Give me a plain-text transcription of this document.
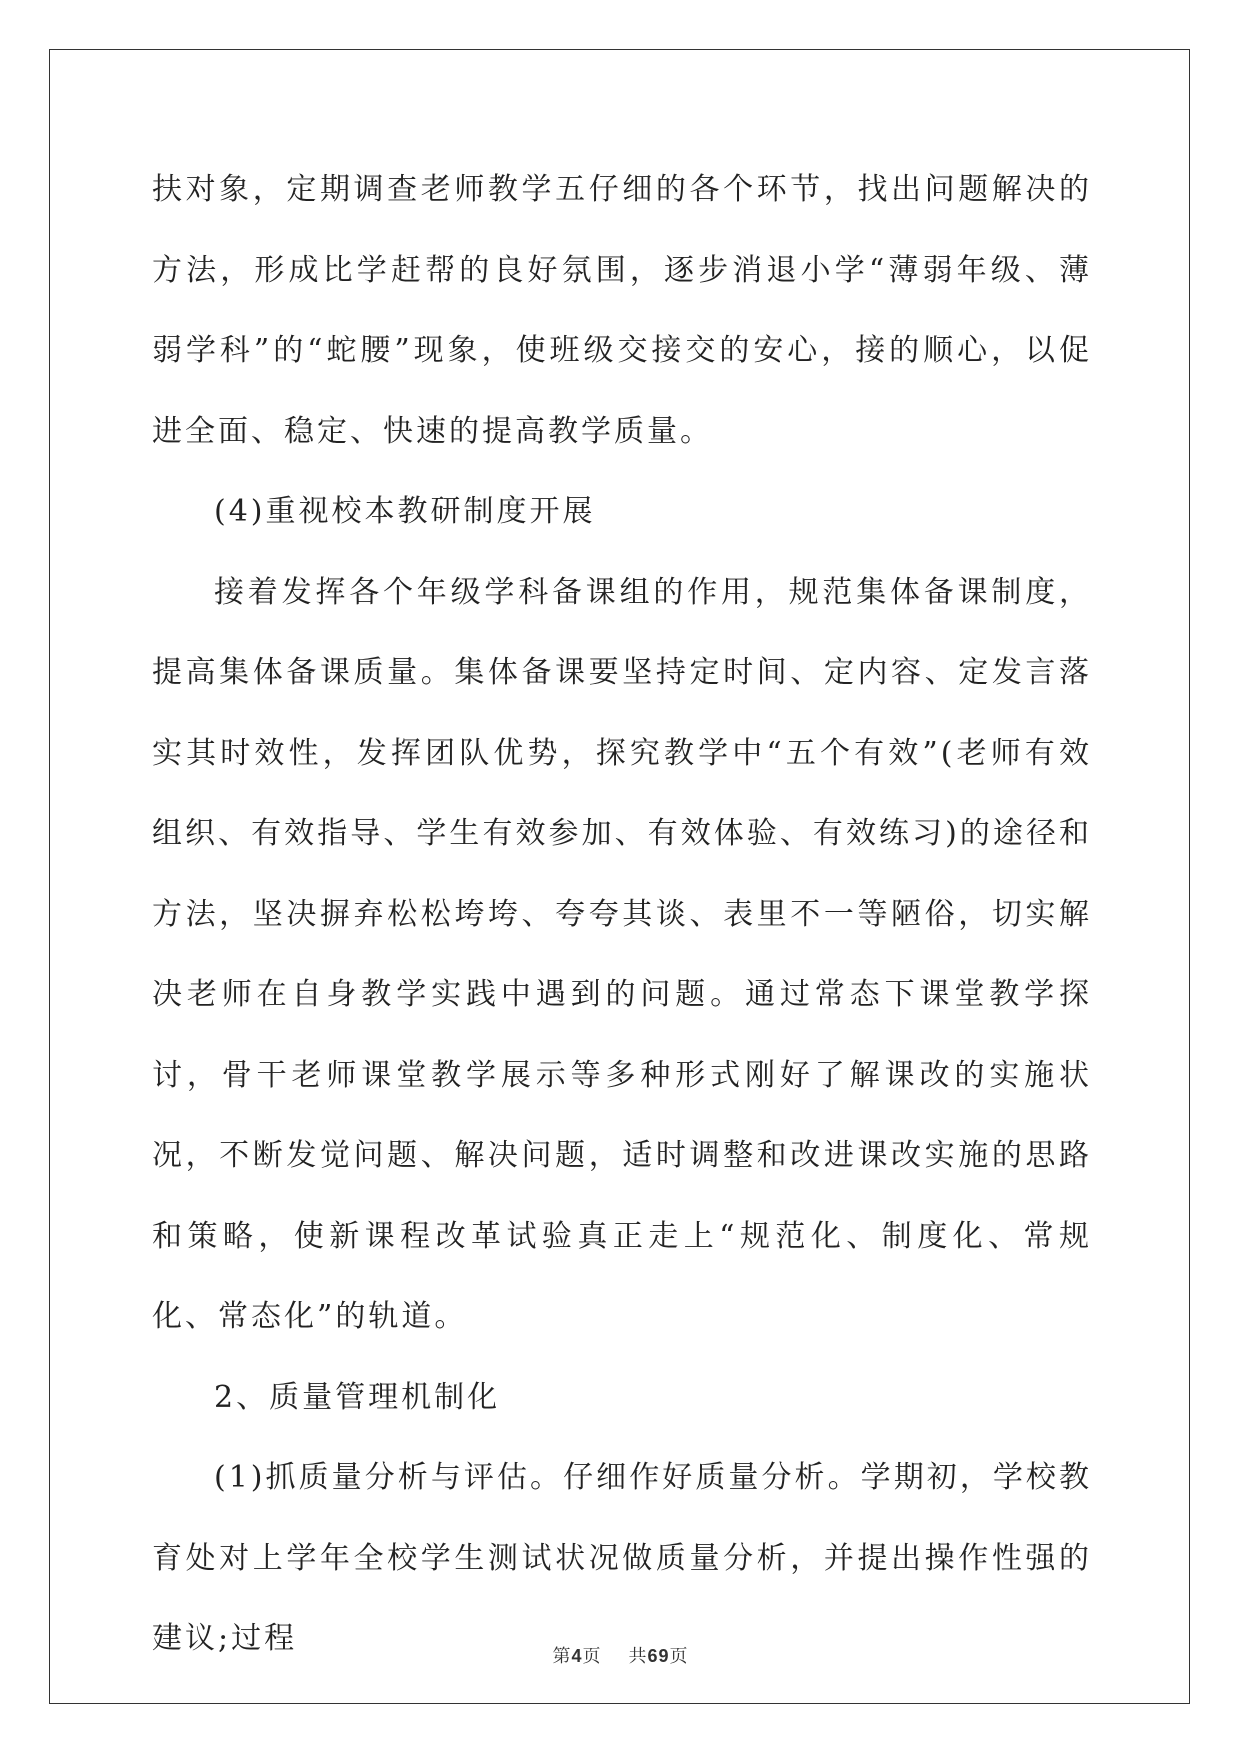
扶对象，定期调查老师教学五仔细的各个环节，找出问题解决的方法，形成比学赶帮的良好氛围，逐步消退小学“薄弱年级、薄弱学科”的“蛇腰”现象，使班级交接交的安心，接的顺心，以促进全面、稳定、快速的提高教学质量。

(4)重视校本教研制度开展

接着发挥各个年级学科备课组的作用，规范集体备课制度，提高集体备课质量。集体备课要坚持定时间、定内容、定发言落实其时效性，发挥团队优势，探究教学中“五个有效”(老师有效组织、有效指导、学生有效参加、有效体验、有效练习)的途径和方法，坚决摒弃松松垮垮、夸夸其谈、表里不一等陋俗，切实解决老师在自身教学实践中遇到的问题。通过常态下课堂教学探讨，骨干老师课堂教学展示等多种形式刚好了解课改的实施状况，不断发觉问题、解决问题，适时调整和改进课改实施的思路和策略，使新课程改革试验真正走上“规范化、制度化、常规化、常态化”的轨道。

2、质量管理机制化

(1)抓质量分析与评估。仔细作好质量分析。学期初，学校教育处对上学年全校学生测试状况做质量分析，并提出操作性强的建议;过程

第4页 共69页
